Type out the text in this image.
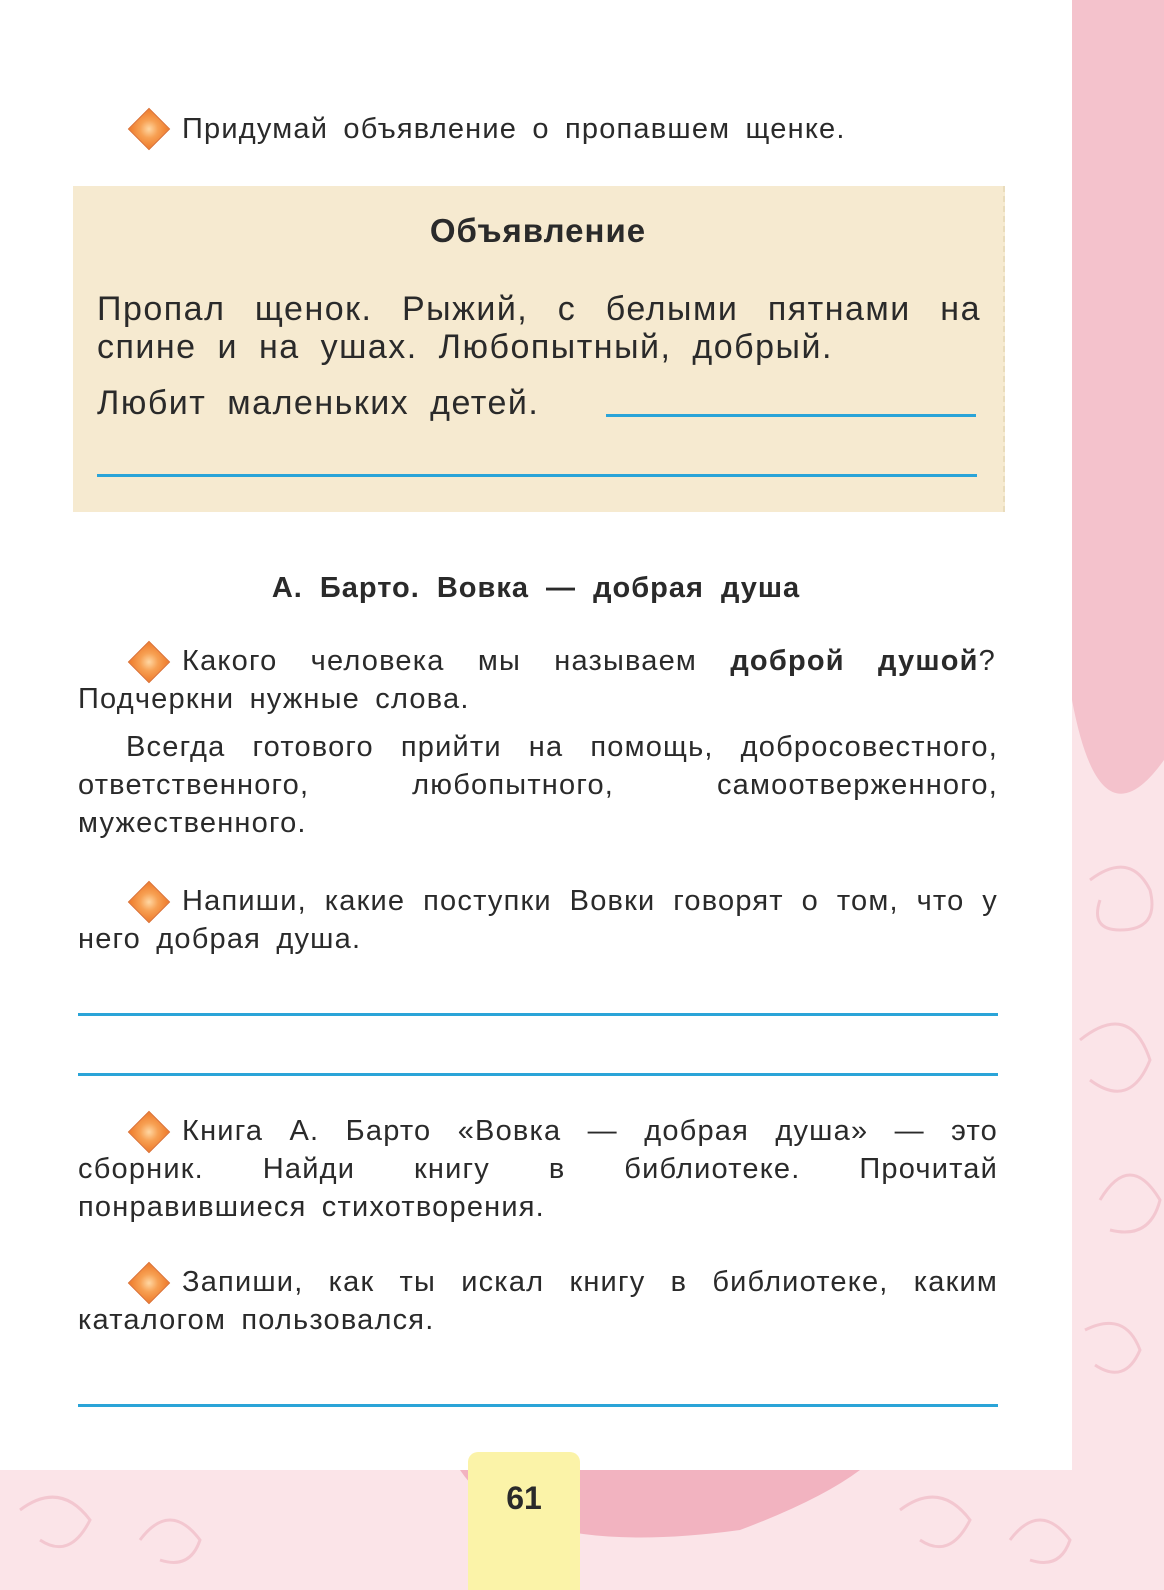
Придумай объявление о пропавшем щенке.
Объявление
Пропал щенок. Рыжий, с белыми пятнами на спине и на ушах. Любопытный, добрый.
Любит маленьких детей.
А. Барто. Вовка — добрая душа
Какого человека мы называем доброй душой? Подчеркни нужные слова.
Всегда готового прийти на помощь, добросовестного, ответственного, любопытного, самоотверженного, мужественного.
Напиши, какие поступки Вовки говорят о том, что у него добрая душа.
Книга А. Барто «Вовка — добрая душа» — это сборник. Найди книгу в библиотеке. Прочитай понравившиеся стихотворения.
Запиши, как ты искал книгу в библиотеке, каким каталогом пользовался.
61
